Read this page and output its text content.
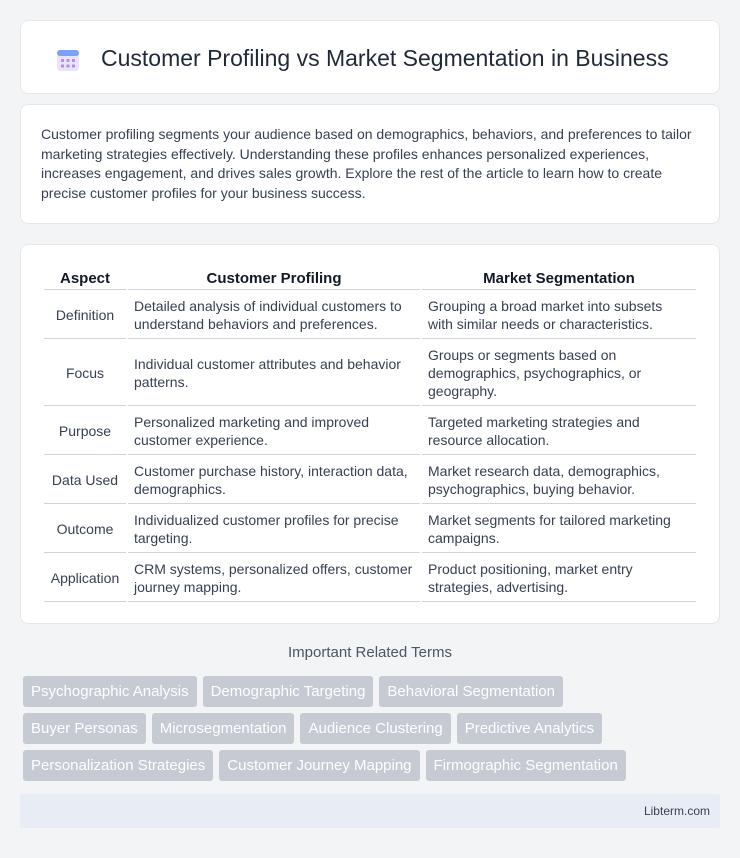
Customer Profiling vs Market Segmentation in Business

Customer profiling segments your audience based on demographics, behaviors, and preferences to tailor marketing strategies effectively. Understanding these profiles enhances personalized experiences, increases engagement, and drives sales growth. Explore the rest of the article to learn how to create precise customer profiles for your business success.

Aspect	Customer Profiling	Market Segmentation
Definition	Detailed analysis of individual customers to understand behaviors and preferences.	Grouping a broad market into subsets with similar needs or characteristics.
Focus	Individual customer attributes and behavior patterns.	Groups or segments based on demographics, psychographics, or geography.
Purpose	Personalized marketing and improved customer experience.	Targeted marketing strategies and resource allocation.
Data Used	Customer purchase history, interaction data, demographics.	Market research data, demographics, psychographics, buying behavior.
Outcome	Individualized customer profiles for precise targeting.	Market segments for tailored marketing campaigns.
Application	CRM systems, personalized offers, customer journey mapping.	Product positioning, market entry strategies, advertising.
Important Related Terms
Psychographic Analysis	Demographic Targeting	Behavioral Segmentation
Buyer Personas	Microsegmentation	Audience Clustering	Predictive Analytics
Personalization Strategies	Customer Journey Mapping	Firmographic Segmentation
Libterm.com
